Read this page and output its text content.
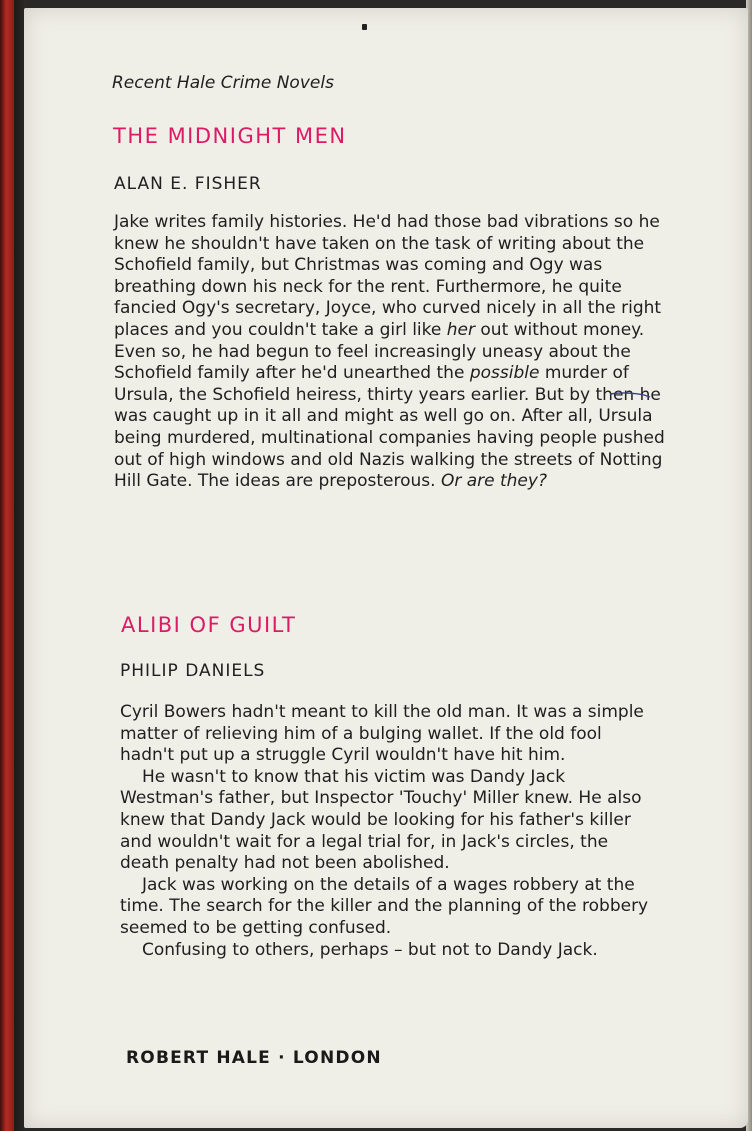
Recent Hale Crime Novels

THE MIDNIGHT MEN

ALAN E. FISHER

Jake writes family histories. He'd had those bad vibrations so he knew he shouldn't have taken on the task of writing about the Schofield family, but Christmas was coming and Ogy was breathing down his neck for the rent. Furthermore, he quite fancied Ogy's secretary, Joyce, who curved nicely in all the right places and you couldn't take a girl like her out without money. Even so, he had begun to feel increasingly uneasy about the Schofield family after he'd unearthed the possible murder of Ursula, the Schofield heiress, thirty years earlier. But by then he was caught up in it all and might as well go on. After all, Ursula being murdered, multinational companies having people pushed out of high windows and old Nazis walking the streets of Notting Hill Gate. The ideas are preposterous. Or are they?

ALIBI OF GUILT

PHILIP DANIELS

Cyril Bowers hadn't meant to kill the old man. It was a simple matter of relieving him of a bulging wallet. If the old fool hadn't put up a struggle Cyril wouldn't have hit him.

He wasn't to know that his victim was Dandy Jack Westman's father, but Inspector 'Touchy' Miller knew. He also knew that Dandy Jack would be looking for his father's killer and wouldn't wait for a legal trial for, in Jack's circles, the death penalty had not been abolished.

Jack was working on the details of a wages robbery at the time. The search for the killer and the planning of the robbery seemed to be getting confused.

Confusing to others, perhaps – but not to Dandy Jack.

ROBERT HALE · LONDON
